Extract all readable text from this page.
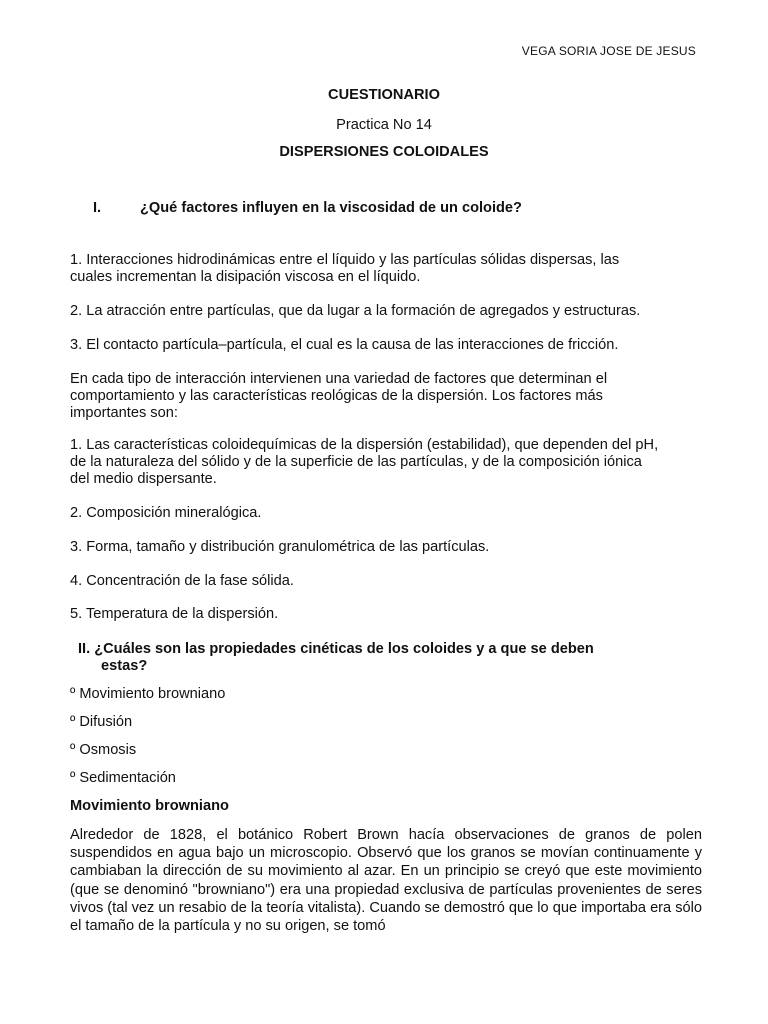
VEGA SORIA JOSE DE JESUS
CUESTIONARIO
Practica No 14
DISPERSIONES COLOIDALES
I.	¿Qué factores influyen en la viscosidad de un coloide?
1. Interacciones hidrodinámicas entre el líquido y las partículas sólidas dispersas, las
cuales incrementan la disipación viscosa en el líquido.
2. La atracción entre partículas, que da lugar a la formación de agregados y estructuras.
3. El contacto partícula–partícula, el cual es la causa de las interacciones de fricción.
En cada tipo de interacción intervienen una variedad de factores que determinan el
comportamiento y las características reológicas de la dispersión. Los factores más
importantes son:
1. Las características coloidequímicas de la dispersión (estabilidad), que dependen del pH,
de la naturaleza del sólido y de la superficie de las partículas, y de la composición iónica
del medio dispersante.
2. Composición mineralógica.
3. Forma, tamaño y distribución granulométrica de las partículas.
4. Concentración de la fase sólida.
5. Temperatura de la dispersión.
II. ¿Cuáles son las propiedades cinéticas de los coloides y a que se deben
estas?
º Movimiento browniano
º Difusión
º Osmosis
º Sedimentación
Movimiento browniano
Alrededor de 1828, el botánico Robert Brown hacía observaciones de granos de polen suspendidos en agua bajo un microscopio. Observó que los granos se movían continuamente y cambiaban la dirección de su movimiento al azar. En un principio se creyó que este movimiento (que se denominó "browniano") era una propiedad exclusiva de partículas provenientes de seres vivos (tal vez un resabio de la teoría vitalista). Cuando se demostró que lo que importaba era sólo el tamaño de la partícula y no su origen, se tomó
